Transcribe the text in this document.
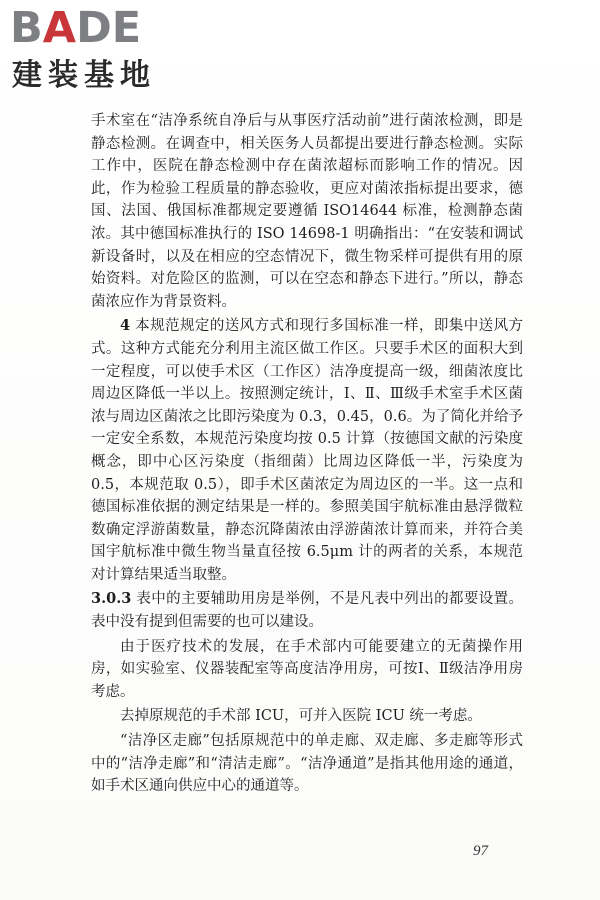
BADE
建装基地

手术室在“洁净系统自净后与从事医疗活动前”进行菌浓检测，即是静态检测。在调查中，相关医务人员都提出要进行静态检测。实际工作中，医院在静态检测中存在菌浓超标而影响工作的情况。因此，作为检验工程质量的静态验收，更应对菌浓指标提出要求，德国、法国、俄国标准都规定要遵循 ISO14644 标准，检测静态菌浓。其中德国标准执行的 ISO 14698-1 明确指出：“在安装和调试新设备时，以及在相应的空态情况下，微生物采样可提供有用的原始资料。对危险区的监测，可以在空态和静态下进行。”所以，静态菌浓应作为背景资料。

4 本规范规定的送风方式和现行多国标准一样，即集中送风方式。这种方式能充分利用主流区做工作区。只要手术区的面积大到一定程度，可以使手术区（工作区）洁净度提高一级，细菌浓度比周边区降低一半以上。按照测定统计，Ⅰ、Ⅱ、Ⅲ级手术室手术区菌浓与周边区菌浓之比即污染度为 0.3，0.45，0.6。为了简化并给予一定安全系数，本规范污染度均按 0.5 计算（按德国文献的污染度概念，即中心区污染度（指细菌）比周边区降低一半，污染度为 0.5，本规范取 0.5），即手术区菌浓定为周边区的一半。这一点和德国标准依据的测定结果是一样的。参照美国宇航标准由悬浮微粒数确定浮游菌数量，静态沉降菌浓由浮游菌浓计算而来，并符合美国宇航标准中微生物当量直径按 6.5μm 计的两者的关系，本规范对计算结果适当取整。

3.0.3 表中的主要辅助用房是举例，不是凡表中列出的都要设置。表中没有提到但需要的也可以建设。

由于医疗技术的发展，在手术部内可能要建立的无菌操作用房，如实验室、仪器装配室等高度洁净用房，可按Ⅰ、Ⅱ级洁净用房考虑。

去掉原规范的手术部 ICU，可并入医院 ICU 统一考虑。

“洁净区走廊”包括原规范中的单走廊、双走廊、多走廊等形式中的“洁净走廊”和“清洁走廊”。“洁净通道”是指其他用途的通道，如手术区通向供应中心的通道等。

97
